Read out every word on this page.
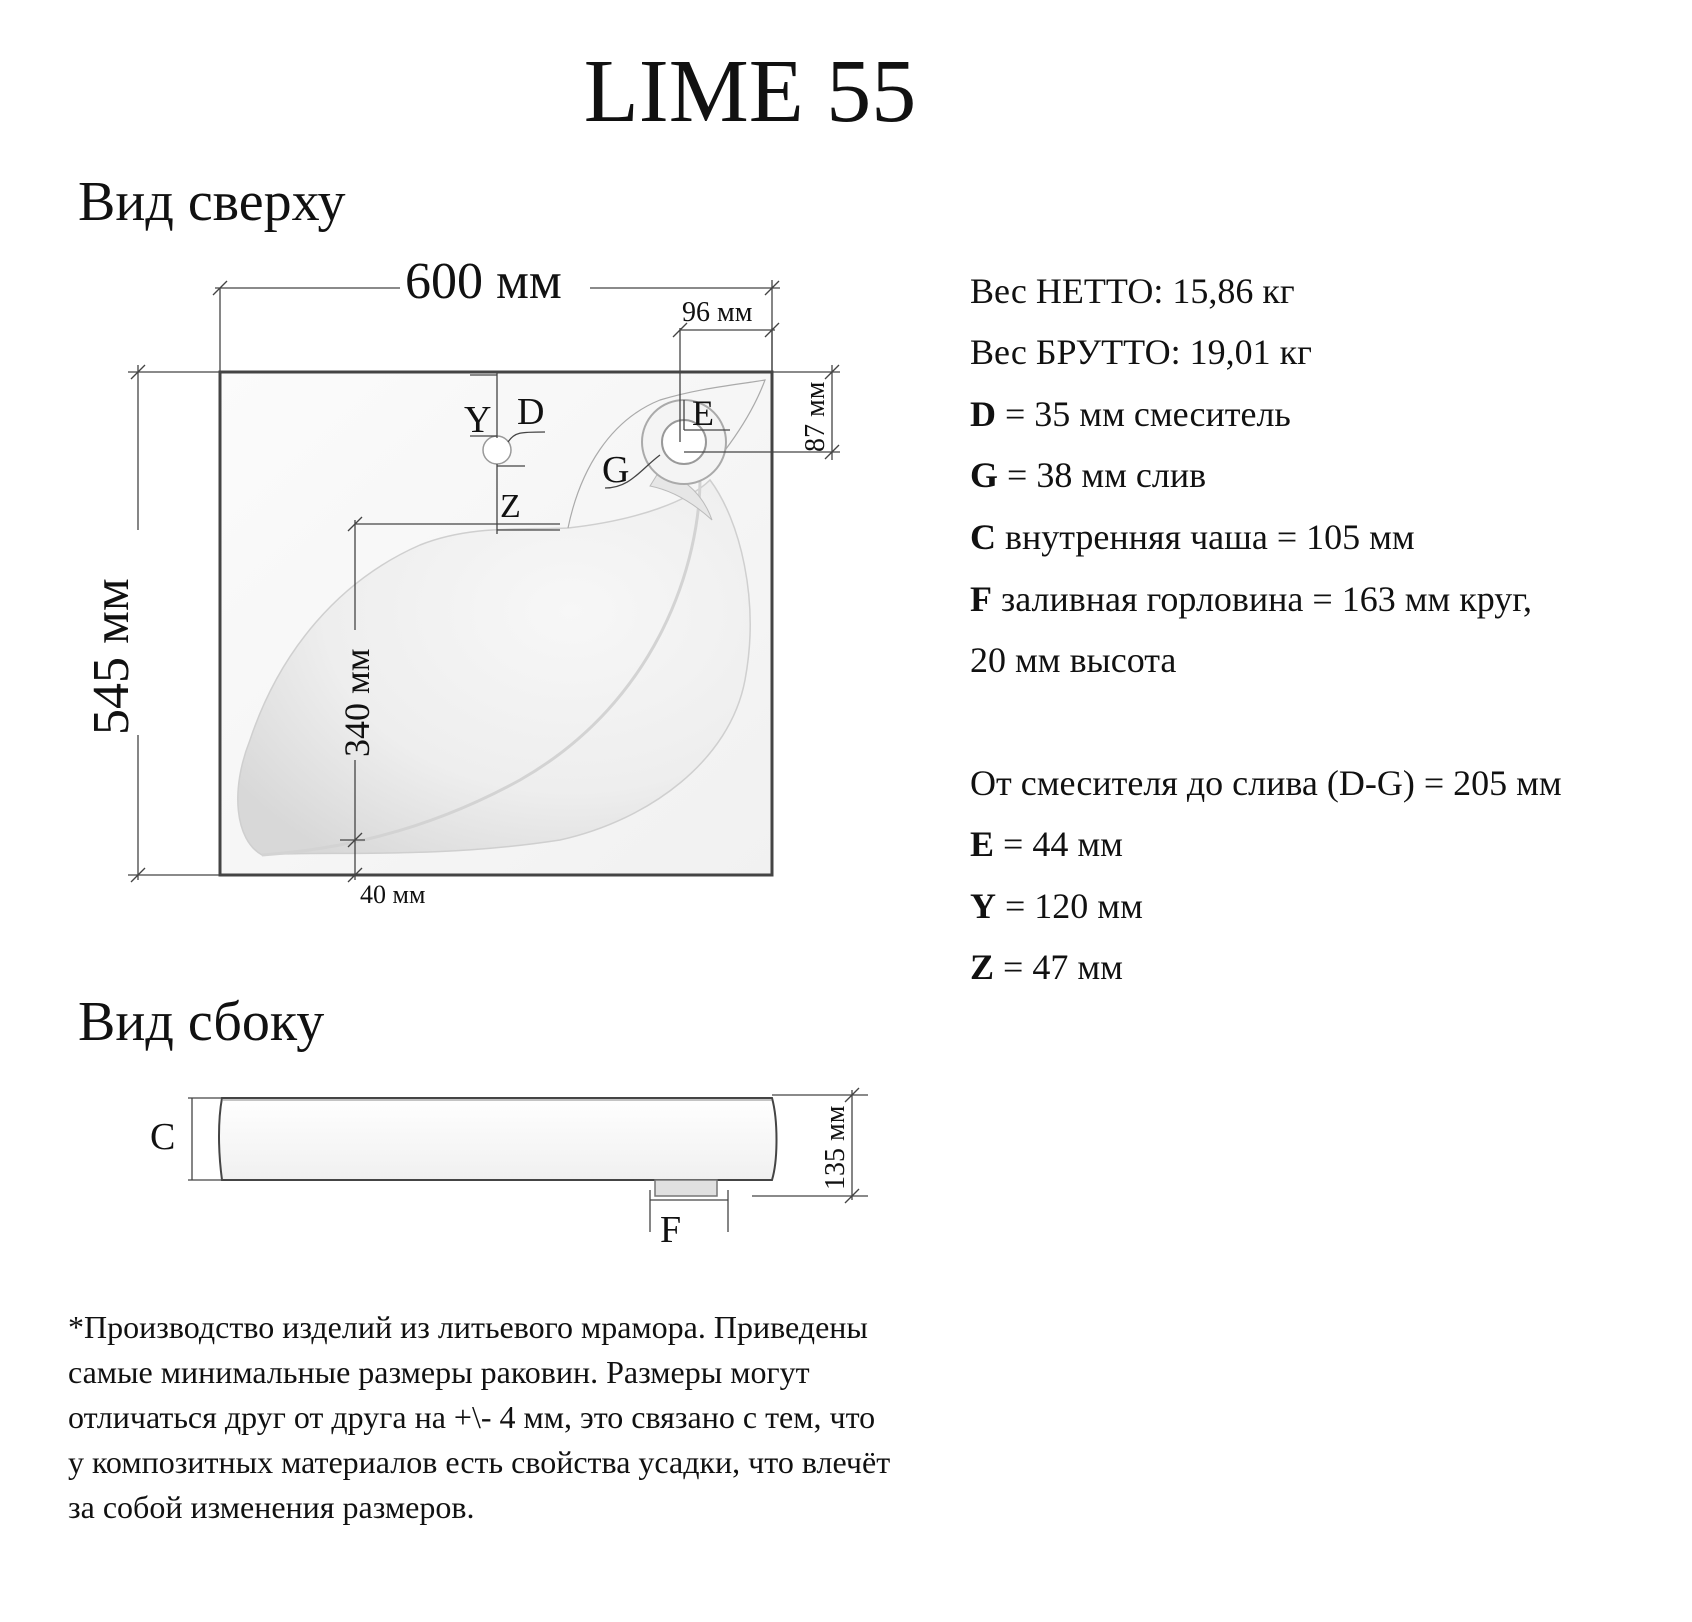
LIME 55
Вид сверху
Вид сбоку
600 мм
545 мм
96 мм
87 мм
340 мм
40 мм
Y D	E
G
Z
C
F
135 мм
Вес НЕТТО: 15,86 кг
Вес БРУТТО: 19,01 кг
D = 35 мм смеситель
G = 38 мм слив
C внутренняя чаша = 105 мм
F заливная горловина = 163 мм круг,
20 мм высота
От смесителя до слива (D-G) = 205 мм
E = 44 мм
Y = 120 мм
Z = 47 мм
*Производство изделий из литьевого мрамора. Приведены
самые минимальные размеры раковин. Размеры могут
отличаться друг от друга на +\- 4 мм, это связано с тем, что
у композитных материалов есть свойства усадки, что влечёт
за собой изменения размеров.
